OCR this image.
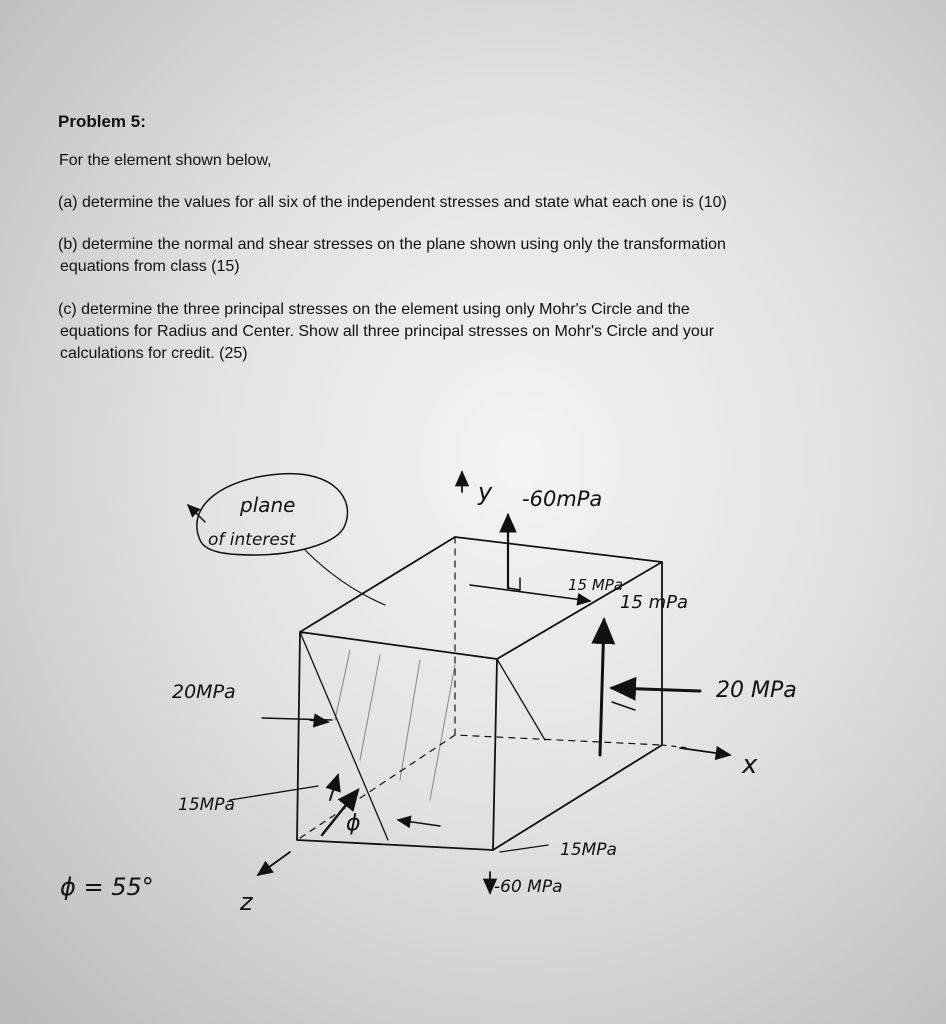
Problem 5:
For the element shown below,
(a) determine the values for all six of the independent stresses and state what each one is (10)
(b) determine the normal and shear stresses on the plane shown using only the transformation
equations from class (15)
(c) determine the three principal stresses on the element using only Mohr's Circle and the
equations for Radius and Center. Show all three principal stresses on Mohr's Circle and your
calculations for credit. (25)
plane
of interest
y
x
z
-60mPa
15 MPa
15 mPa
20 MPa
20MPa
15MPa
ϕ
15MPa
-60 MPa
ϕ = 55°
